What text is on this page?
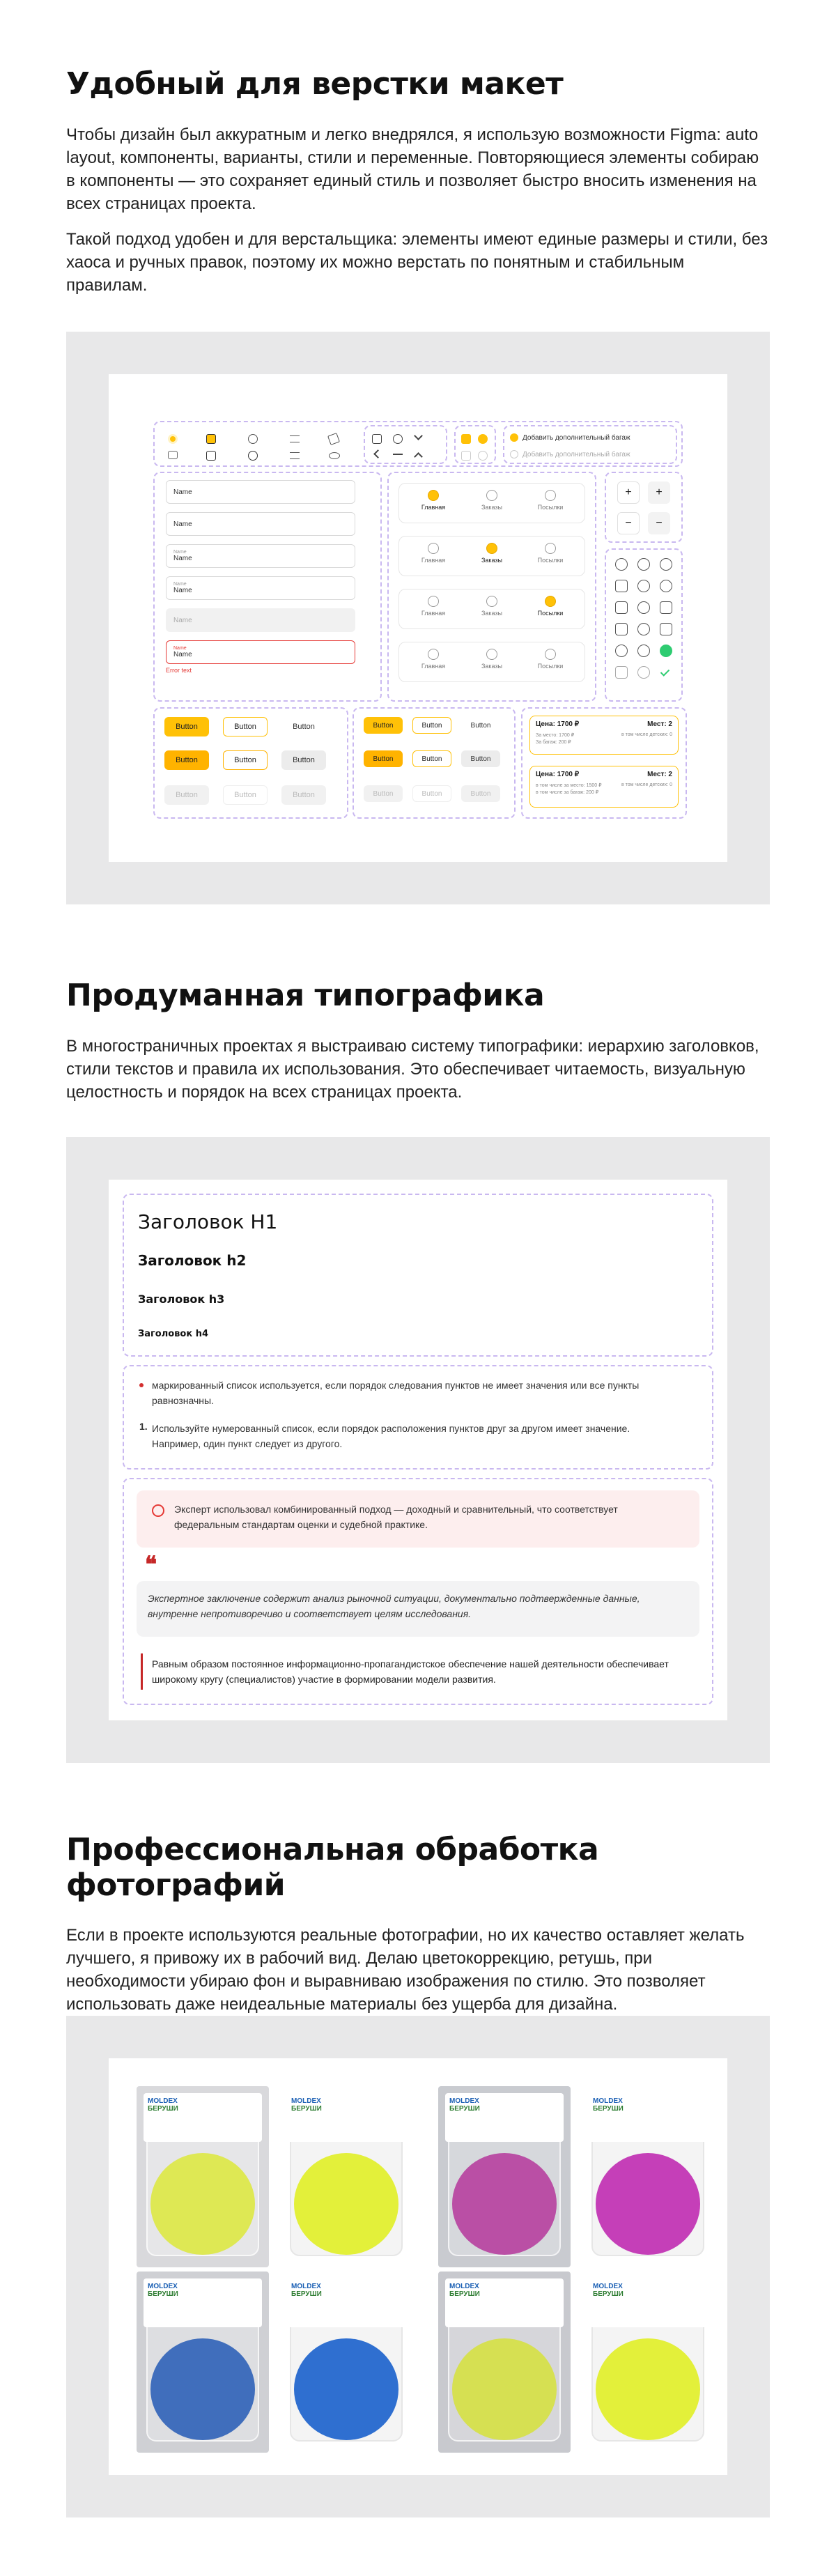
Удобный для верстки макет

Чтобы дизайн был аккуратным и легко внедрялся, я использую возможности Figma: auto layout, компоненты, варианты, стили и переменные. Повторяющиеся элементы собираю в компоненты — это сохраняет единый стиль и позволяет быстро вносить изменения на всех страницах проекта.

Такой подход удобен и для верстальщика: элементы имеют единые размеры и стили, без хаоса и ручных правок, поэтому их можно верстать по понятным и стабильным правилам.

Добавить дополнительный багаж
Добавить дополнительный багаж
Name
Name
Name
Name
Name
Name
Name
Name
Name
Error text
Главная	Заказы	Посылки
Главная	Заказы	Посылки
Главная	Заказы	Посылки
Главная	Заказы	Посылки
+	+
−	−
Button	Button	Button
Button	Button	Button
Button	Button	Button
Button	Button	Button
Button	Button	Button
Button	Button	Button
Цена: 1700 ₽	Мест: 2
За место: 1700 ₽	в том числе детских: 0
За багаж: 200 ₽
Цена: 1700 ₽	Мест: 2
в том числе за место: 1500 ₽	в том числе детских: 0
в том числе за багаж: 200 ₽
Продуманная типографика

В многостраничных проектах я выстраиваю систему типографики: иерархию заголовков, стили текстов и правила их использования. Это обеспечивает читаемость, визуальную целостность и порядок на всех страницах проекта.

Заголовок H1
Заголовок h2
Заголовок h3
Заголовок h4

маркированный список используется, если порядок следования пунктов не имеет значения или все пункты равнозначны.

1. Используйте нумерованный список, если порядок расположения пунктов друг за другом имеет значение. Например, один пункт следует из другого.

Эксперт использовал комбинированный подход — доходный и сравнительный, что соответствует федеральным стандартам оценки и судебной практике.

❝

Экспертное заключение содержит анализ рыночной ситуации, документально подтвержденные данные, внутренне непротиворечиво и соответствует целям исследования.

Равным образом постоянное информационно-пропагандистское обеспечение нашей деятельности обеспечивает широкому кругу (специалистов) участие в формировании модели развития.

Профессиональная обработка фотографий

Если в проекте используются реальные фотографии, но их качество оставляет желать лучшего, я привожу их в рабочий вид. Делаю цветокоррекцию, ретушь, при необходимости убираю фон и выравниваю изображения по стилю. Это позволяет использовать даже неидеальные материалы без ущерба для дизайна.

MOLDEX
БЕРУШИ
MOLDEX
БЕРУШИ
MOLDEX
БЕРУШИ
MOLDEX
БЕРУШИ
MOLDEX
БЕРУШИ
MOLDEX
БЕРУШИ
MOLDEX
БЕРУШИ
MOLDEX
БЕРУШИ
